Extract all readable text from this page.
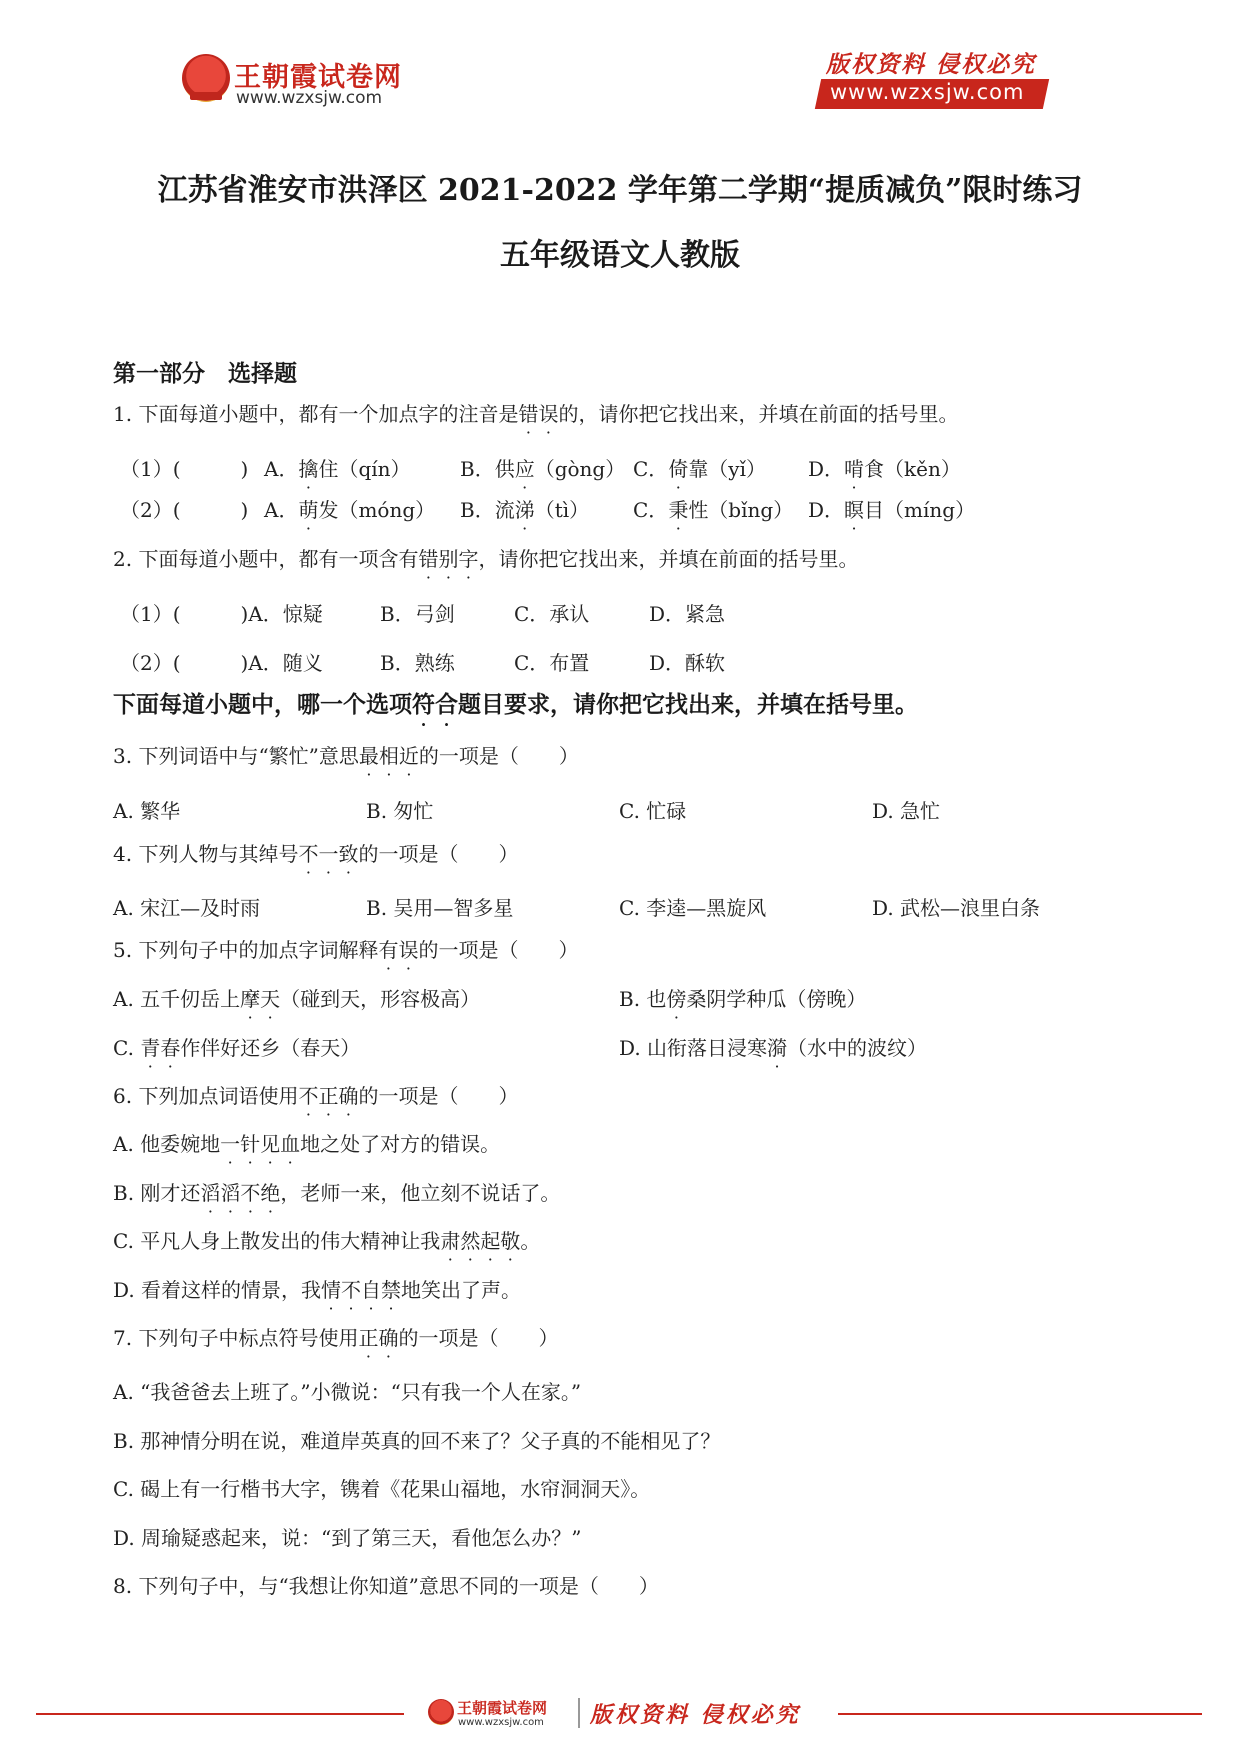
王朝霞试卷网
www.wzxsjw.com
版权资料 侵权必究
www.wzxsjw.com
江苏省淮安市洪泽区 2021-2022 学年第二学期“提质减负”限时练习
五年级语文人教版
第一部分　选择题
1. 下面每道小题中，都有一个加点字的注音是错误的，请你把它找出来，并填在前面的括号里。
（1）(　　　) A．擒住（qín） B．供应（gòng） C．倚靠（yǐ） D．啃食（kěn）
（2）(　　　) A．萌发（móng） B．流涕（tì） C．秉性（bǐng） D．瞑目（míng）
2. 下面每道小题中，都有一项含有错别字，请你把它找出来，并填在前面的括号里。
（1）(　　　)A．惊疑	B．弓剑	C．承认	D．紧急
（2）(　　　)A．随义	B．熟练	C．布置	D．酥软
下面每道小题中，哪一个选项符合题目要求，请你把它找出来，并填在括号里。
3. 下列词语中与“繁忙”意思最相近的一项是（　　）
A. 繁华	B. 匆忙	C. 忙碌	D. 急忙
4. 下列人物与其绰号不一致的一项是（　　）
A. 宋江—及时雨	B. 吴用—智多星	C. 李逵—黑旋风	D. 武松—浪里白条
5. 下列句子中的加点字词解释有误的一项是（　　）
A. 五千仞岳上摩天（碰到天，形容极高）	B. 也傍桑阴学种瓜（傍晚）
C. 青春作伴好还乡（春天）	D. 山衔落日浸寒漪（水中的波纹）
6. 下列加点词语使用不正确的一项是（　　）
A. 他委婉地一针见血地之处了对方的错误。
B. 刚才还滔滔不绝，老师一来，他立刻不说话了。
C. 平凡人身上散发出的伟大精神让我肃然起敬。
D. 看着这样的情景，我情不自禁地笑出了声。
7. 下列句子中标点符号使用正确的一项是（　　）
A. “我爸爸去上班了。”小微说：“只有我一个人在家。”
B. 那神情分明在说，难道岸英真的回不来了？父子真的不能相见了？
C. 碣上有一行楷书大字，镌着《花果山福地，水帘洞洞天》。
D. 周瑜疑惑起来，说：“到了第三天，看他怎么办？”
8. 下列句子中，与“我想让你知道”意思不同的一项是（　　）
王朝霞试卷网
www.wzxsjw.com 版权资料 侵权必究
